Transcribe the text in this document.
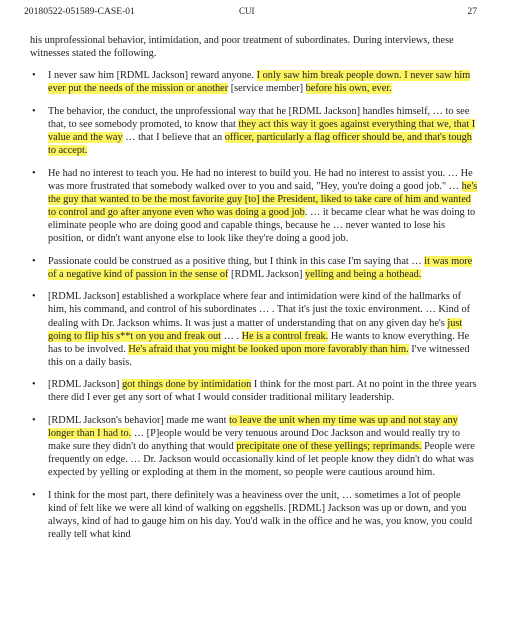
20180522-051589-CASE-01	CUI	27

his unprofessional behavior, intimidation, and poor treatment of subordinates. During interviews, these witnesses stated the following.

• I never saw him [RDML Jackson] reward anyone. I only saw him break people down. I never saw him ever put the needs of the mission or another [service member] before his own, ever.
• The behavior, the conduct, the unprofessional way that he [RDML Jackson] handles himself, … to see that, to see somebody promoted, to know that they act this way it goes against everything that we, that I value and the way … that I believe that an officer, particularly a flag officer should be, and that's tough to accept.
• He had no interest to teach you. He had no interest to build you. He had no interest to assist you. … He was more frustrated that somebody walked over to you and said, "Hey, you're doing a good job." … he's the guy that wanted to be the most favorite guy [to] the President, liked to take care of him and wanted to control and go after anyone even who was doing a good job. … it became clear what he was doing to eliminate people who are doing good and capable things, because he … never wanted to lose his position, or didn't want anyone else to look like they're doing a good job.
• Passionate could be construed as a positive thing, but I think in this case I'm saying that … it was more of a negative kind of passion in the sense of [RDML Jackson] yelling and being a hothead.
• [RDML Jackson] established a workplace where fear and intimidation were kind of the hallmarks of him, his command, and control of his subordinates … . That it's just the toxic environment. … Kind of dealing with Dr. Jackson whims. It was just a matter of understanding that on any given day he's just going to flip his s**t on you and freak out … . He is a control freak. He wants to know everything. He has to be involved. He's afraid that you might be looked upon more favorably than him. I've witnessed this on a daily basis.
• [RDML Jackson] got things done by intimidation I think for the most part. At no point in the three years there did I ever get any sort of what I would consider traditional military leadership.
• [RDML Jackson's behavior] made me want to leave the unit when my time was up and not stay any longer than I had to. … [P]eople would be very tenuous around Doc Jackson and would really try to make sure they didn't do anything that would precipitate one of these yellings; reprimands. People were frequently on edge. … Dr. Jackson would occasionally kind of let people know they didn't do what was expected by yelling or exploding at them in the moment, so people were cautious around him.
• I think for the most part, there definitely was a heaviness over the unit, … sometimes a lot of people kind of felt like we were all kind of walking on eggshells. [RDML] Jackson was up or down, and you always, kind of had to gauge him on his day. You'd walk in the office and he was, you know, you could really tell what kind
